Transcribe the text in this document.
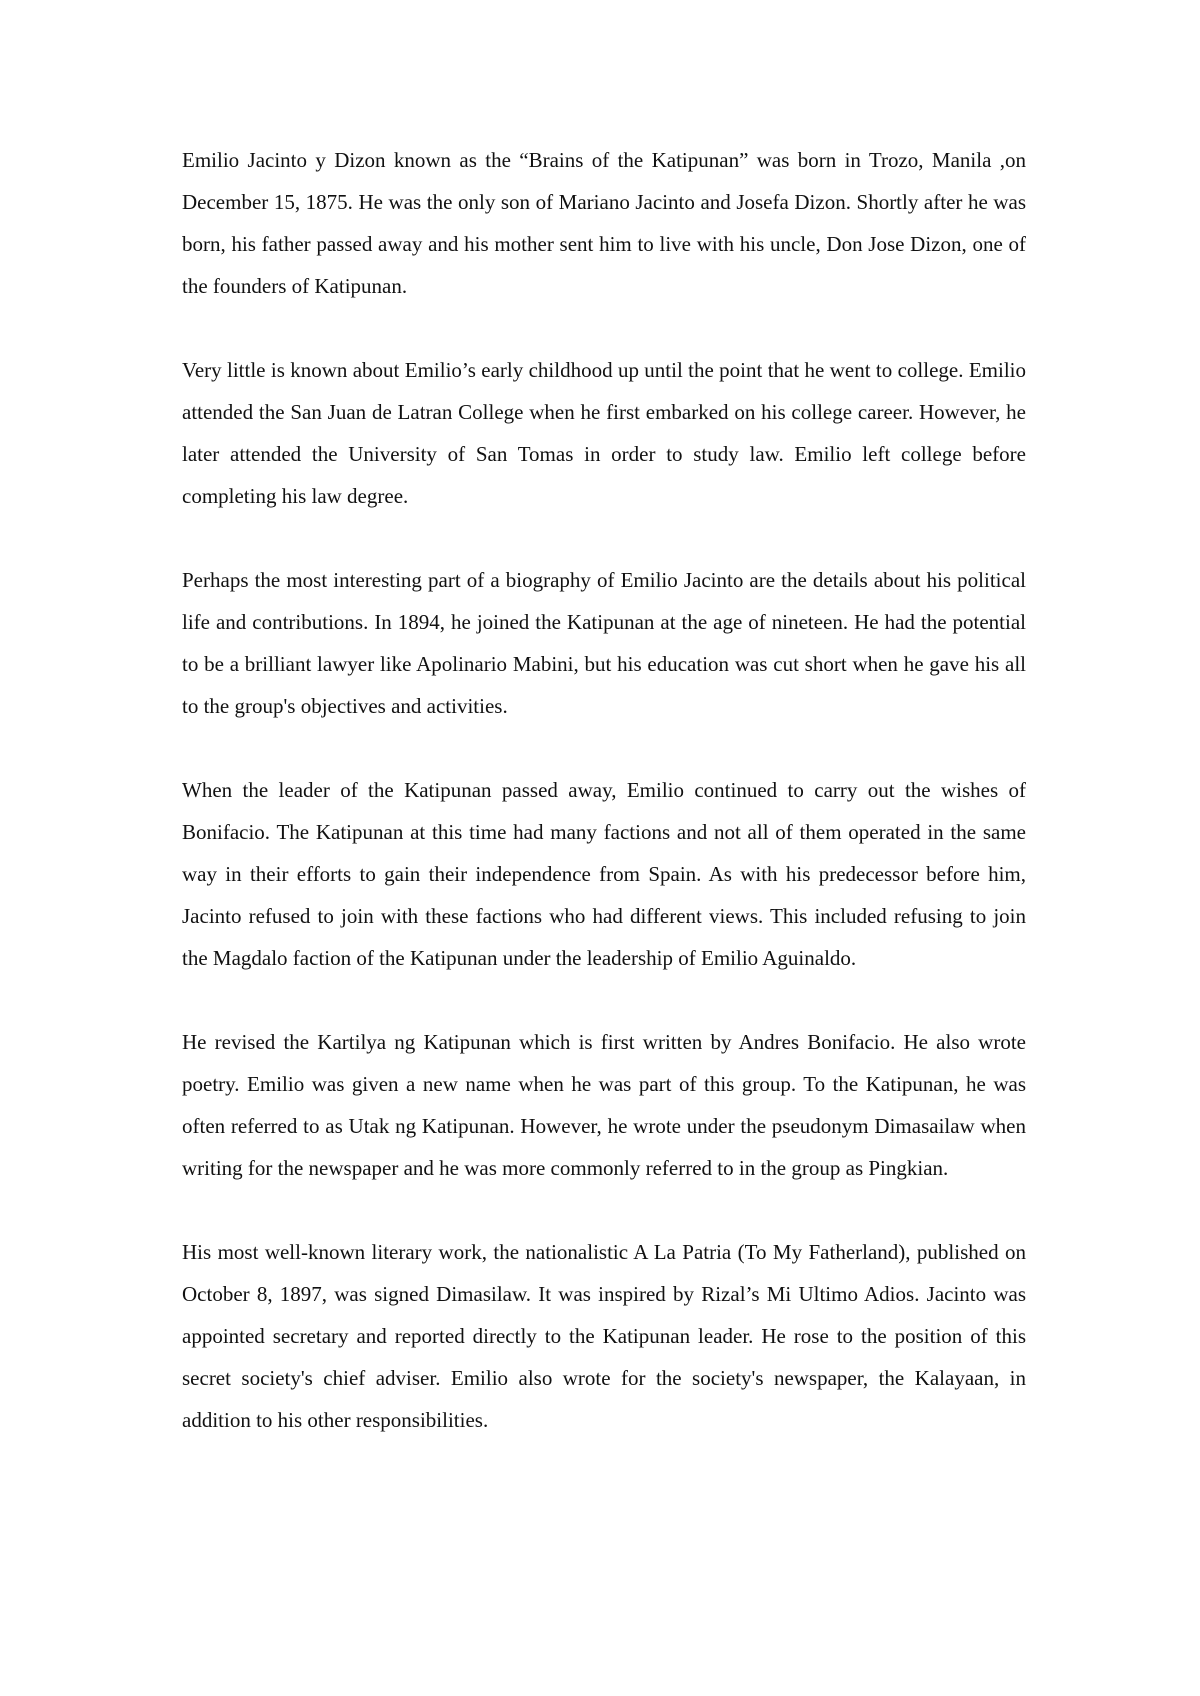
Emilio Jacinto y Dizon known as the “Brains of the Katipunan” was born in Trozo, Manila ,on December 15, 1875. He was the only son of Mariano Jacinto and Josefa Dizon. Shortly after he was born, his father passed away and his mother sent him to live with his uncle, Don Jose Dizon, one of the founders of Katipunan.

Very little is known about Emilio’s early childhood up until the point that he went to college. Emilio attended the San Juan de Latran College when he first embarked on his college career. However, he later attended the University of San Tomas in order to study law. Emilio left college before completing his law degree.

Perhaps the most interesting part of a biography of Emilio Jacinto are the details about his political life and contributions. In 1894, he joined the Katipunan at the age of nineteen. He had the potential to be a brilliant lawyer like Apolinario Mabini, but his education was cut short when he gave his all to the group's objectives and activities.

When the leader of the Katipunan passed away, Emilio continued to carry out the wishes of Bonifacio. The Katipunan at this time had many factions and not all of them operated in the same way in their efforts to gain their independence from Spain. As with his predecessor before him, Jacinto refused to join with these factions who had different views. This included refusing to join the Magdalo faction of the Katipunan under the leadership of Emilio Aguinaldo.

He revised the Kartilya ng Katipunan which is first written by Andres Bonifacio. He also wrote poetry. Emilio was given a new name when he was part of this group. To the Katipunan, he was often referred to as Utak ng Katipunan. However, he wrote under the pseudonym Dimasailaw when writing for the newspaper and he was more commonly referred to in the group as Pingkian.

His most well-known literary work, the nationalistic A La Patria (To My Fatherland), published on October 8, 1897, was signed Dimasilaw. It was inspired by Rizal’s Mi Ultimo Adios. Jacinto was appointed secretary and reported directly to the Katipunan leader. He rose to the position of this secret society's chief adviser. Emilio also wrote for the society's newspaper, the Kalayaan, in addition to his other responsibilities.
